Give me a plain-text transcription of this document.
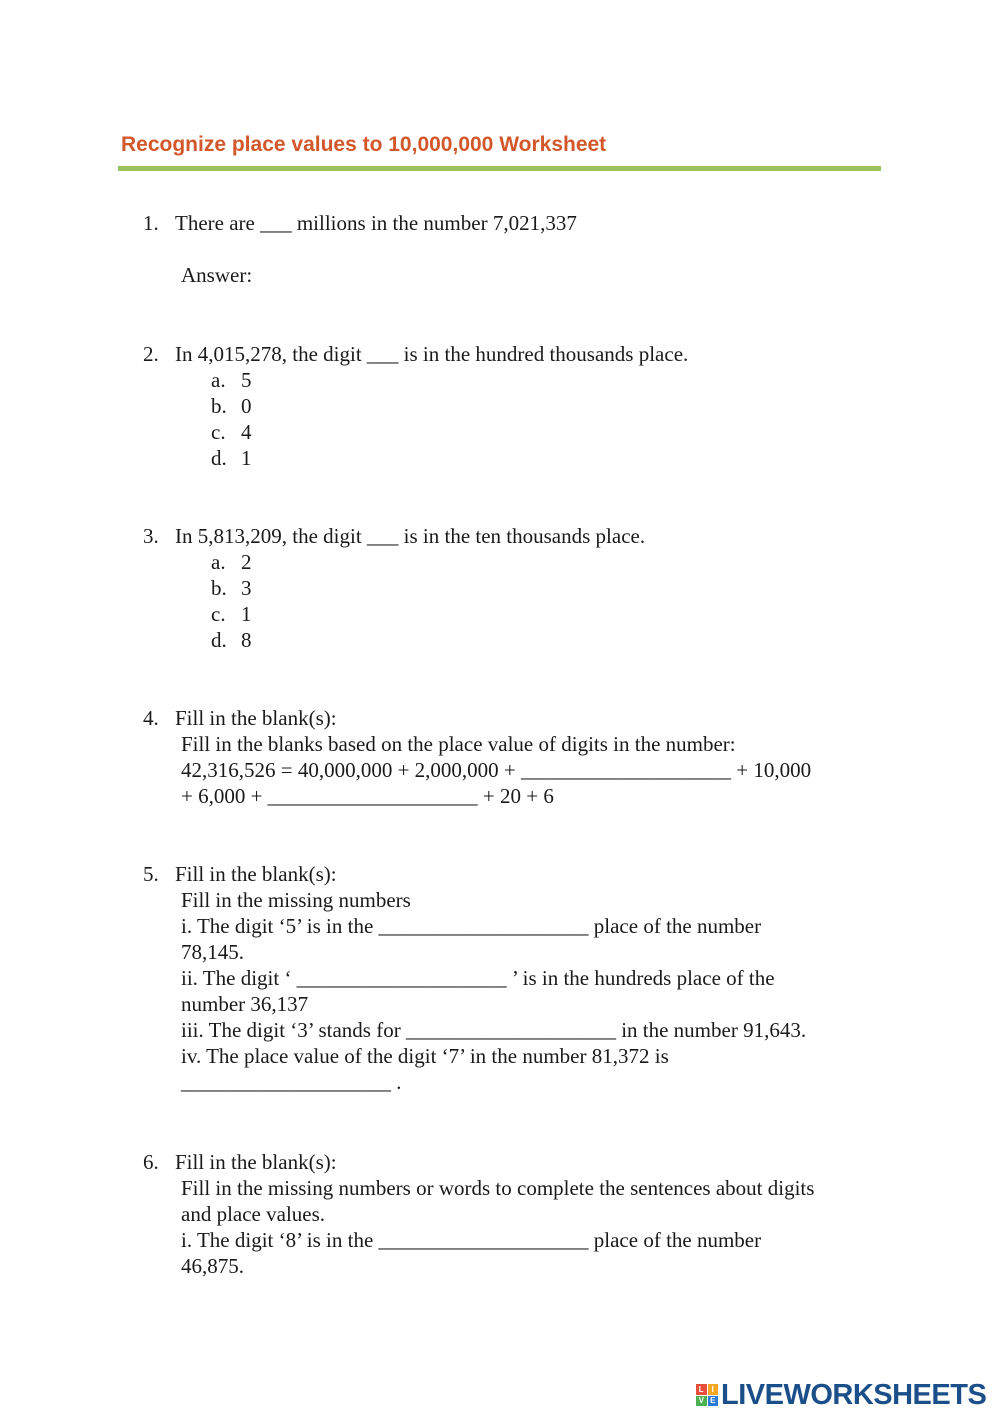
Recognize place values to 10,000,000 Worksheet
1. There are ___ millions in the number 7,021,337
Answer:
2. In 4,015,278, the digit ___ is in the hundred thousands place.
a. 5
b. 0
c. 4
d. 1
3. In 5,813,209, the digit ___ is in the ten thousands place.
a. 2
b. 3
c. 1
d. 8
4. Fill in the blank(s):
Fill in the blanks based on the place value of digits in the number:
42,316,526 = 40,000,000 + 2,000,000 + ____________________ + 10,000
+ 6,000 + ____________________ + 20 + 6
5. Fill in the blank(s):
Fill in the missing numbers
i. The digit ‘5’ is in the ____________________ place of the number
78,145.
ii. The digit ‘ ____________________ ’ is in the hundreds place of the
number 36,137
iii. The digit ‘3’ stands for ____________________ in the number 91,643.
iv. The place value of the digit ‘7’ in the number 81,372 is
____________________ .
6. Fill in the blank(s):
Fill in the missing numbers or words to complete the sentences about digits
and place values.
i. The digit ‘8’ is in the ____________________ place of the number
46,875.
L I
V E LIVEWORKSHEETS
